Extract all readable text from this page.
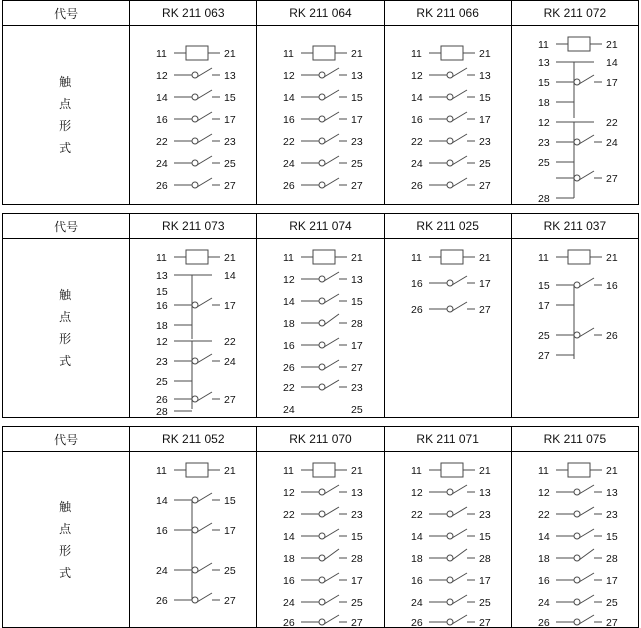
代号	RK 211 063	RK 211 064	RK 211 066	RK 211 072

触
点
形
式

11	21
12	13
14	15
16	17
22	23
24	25
26	27

11	21
12	13
14	15
16	17
22	23
24	25
26	27

11	21
12	13
14	15
16	17
22	23
24	25
26	27

11	21
13	14
15	17
18
12	22
23	24
25
27
28
代号	RK 211 073	RK 211 074	RK 211 025	RK 211 037

触
点
形
式

11	21
13	14
15
16	17
18
12	22
23	24
25
26	27
28

11	21
12	13
14	15
18	28
16	17
26	27
22	23
24	25

11	21
16	17
26	27

11	21
15	16
17
25	26
27
代号	RK 211 052	RK 211 070	RK 211 071	RK 211 075

触
点
形
式

11	21
14	15
16	17
24	25
26	27

11	21
12	13
22	23
14	15
18	28
16	17
24	25
26	27

11	21
12	13
22	23
14	15
18	28
16	17
24	25
26	27

11	21
12	13
22	23
14	15
18	28
16	17
24	25
26	27
